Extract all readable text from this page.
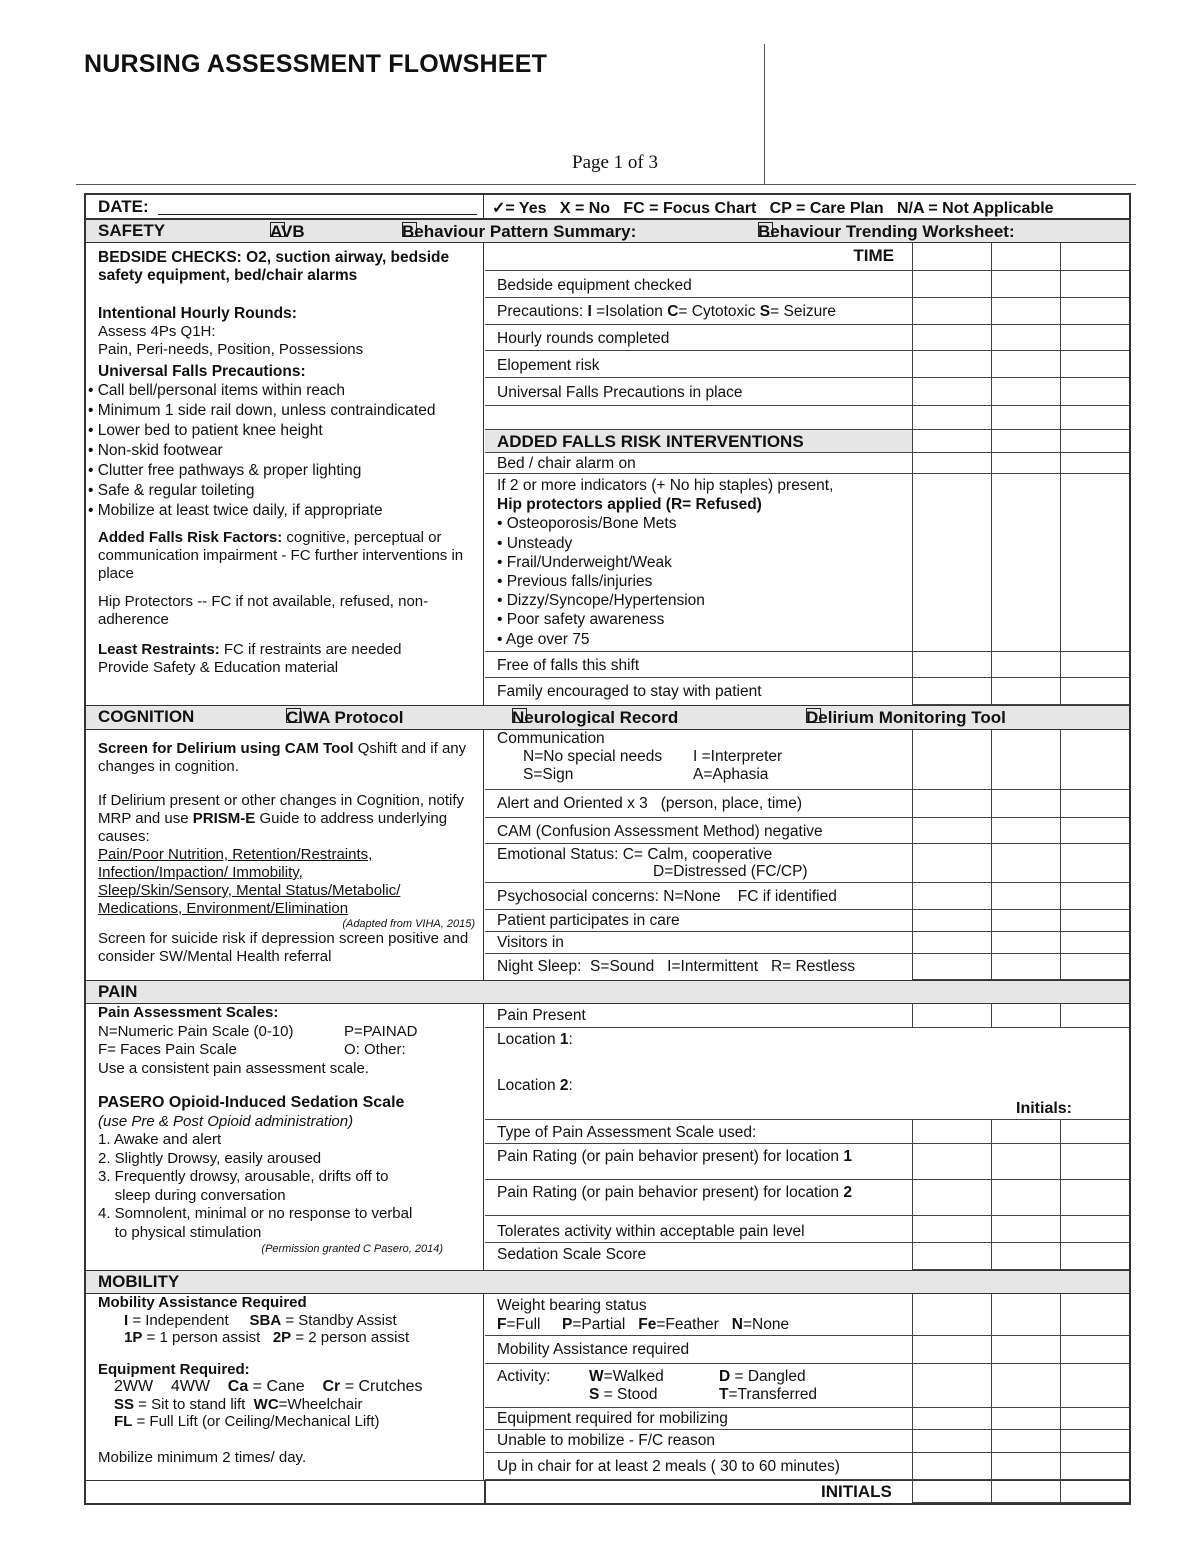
NURSING ASSESSMENT FLOWSHEET
Page 1 of 3
DATE:	✓= Yes   X = No   FC = Focus Chart   CP = Care Plan   N/A = Not Applicable
SAFETY	AVB	Behaviour Pattern Summary:	Behaviour Trending Worksheet:

BEDSIDE CHECKS: O2, suction airway, bedside safety equipment, bed/chair alarms

Intentional Hourly Rounds:

Assess 4Ps Q1H:

Pain, Peri-needs, Position, Possessions

Universal Falls Precautions:

• Call bell/personal items within reach
• Minimum 1 side rail down, unless contraindicated
• Lower bed to patient knee height
• Non-skid footwear
• Clutter free pathways & proper lighting
• Safe & regular toileting
• Mobilize at least twice daily, if appropriate

Added Falls Risk Factors: cognitive, perceptual or communication impairment - FC further interventions in place

Hip Protectors -- FC if not available, refused, non- adherence

Least Restraints: FC if restraints are needed

Provide Safety & Education material

TIME
Bedside equipment checked
Precautions: I =Isolation C= Cytotoxic S= Seizure
Hourly rounds completed
Elopement risk
Universal Falls Precautions in place
ADDED FALLS RISK INTERVENTIONS
Bed / chair alarm on
If 2 or more indicators (+ No hip staples) present,
Hip protectors applied (R= Refused)
• Osteoporosis/Bone Mets
• Unsteady
• Frail/Underweight/Weak
• Previous falls/injuries
• Dizzy/Syncope/Hypertension
• Poor safety awareness
• Age over 75
Free of falls this shift
Family encouraged to stay with patient
COGNITION	CIWA Protocol	Neurological Record	Delirium Monitoring Tool

Screen for Delirium using CAM Tool Qshift and if any changes in cognition.

If Delirium present or other changes in Cognition, notify MRP and use PRISM-E Guide to address underlying causes:

Pain/Poor Nutrition, Retention/Restraints,

Infection/Impaction/ Immobility,

Sleep/Skin/Sensory, Mental Status/Metabolic/

Medications, Environment/Elimination

(Adapted from VIHA, 2015)

Screen for suicide risk if depression screen positive and consider SW/Mental Health referral

Communication
N=No special needs I =Interpreter
S=Sign	A=Aphasia
Alert and Oriented x 3   (person, place, time)
CAM (Confusion Assessment Method) negative
Emotional Status: C= Calm, cooperative
D=Distressed (FC/CP)
Psychosocial concerns: N=None    FC if identified
Patient participates in care
Visitors in
Night Sleep:  S=Sound   I=Intermittent   R= Restless
PAIN

Pain Assessment Scales:

N=Numeric Pain Scale (0-10)	P=PAINAD

F= Faces Pain Scale	O: Other:

Use a consistent pain assessment scale.

PASERO Opioid-Induced Sedation Scale

(use Pre & Post Opioid administration)

1. Awake and alert
2. Slightly Drowsy, easily aroused
3. Frequently drowsy, arousable, drifts off to
sleep during conversation
4. Somnolent, minimal or no response to verbal
to physical stimulation

(Permission granted C Pasero, 2014)

Pain Present
Location 1:
Location 2:
Initials:
Type of Pain Assessment Scale used:
Pain Rating (or pain behavior present) for location 1
Pain Rating (or pain behavior present) for location 2
Tolerates activity within acceptable pain level
Sedation Scale Score
MOBILITY

Mobility Assistance Required

I = Independent     SBA = Standby Assist

1P = 1 person assist   2P = 2 person assist

Equipment Required:

2WW    4WW    Ca = Cane    Cr = Crutches

SS = Sit to stand lift  WC=Wheelchair

FL = Full Lift (or Ceiling/Mechanical Lift)

Mobilize minimum 2 times/ day.

Weight bearing status
F=Full     P=Partial   Fe=Feather   N=None
Mobility Assistance required
Activity: W=Walked	D = Dangled
S = Stood	T=Transferred
Equipment required for mobilizing
Unable to mobilize - F/C reason
Up in chair for at least 2 meals ( 30 to 60 minutes)
INITIALS
